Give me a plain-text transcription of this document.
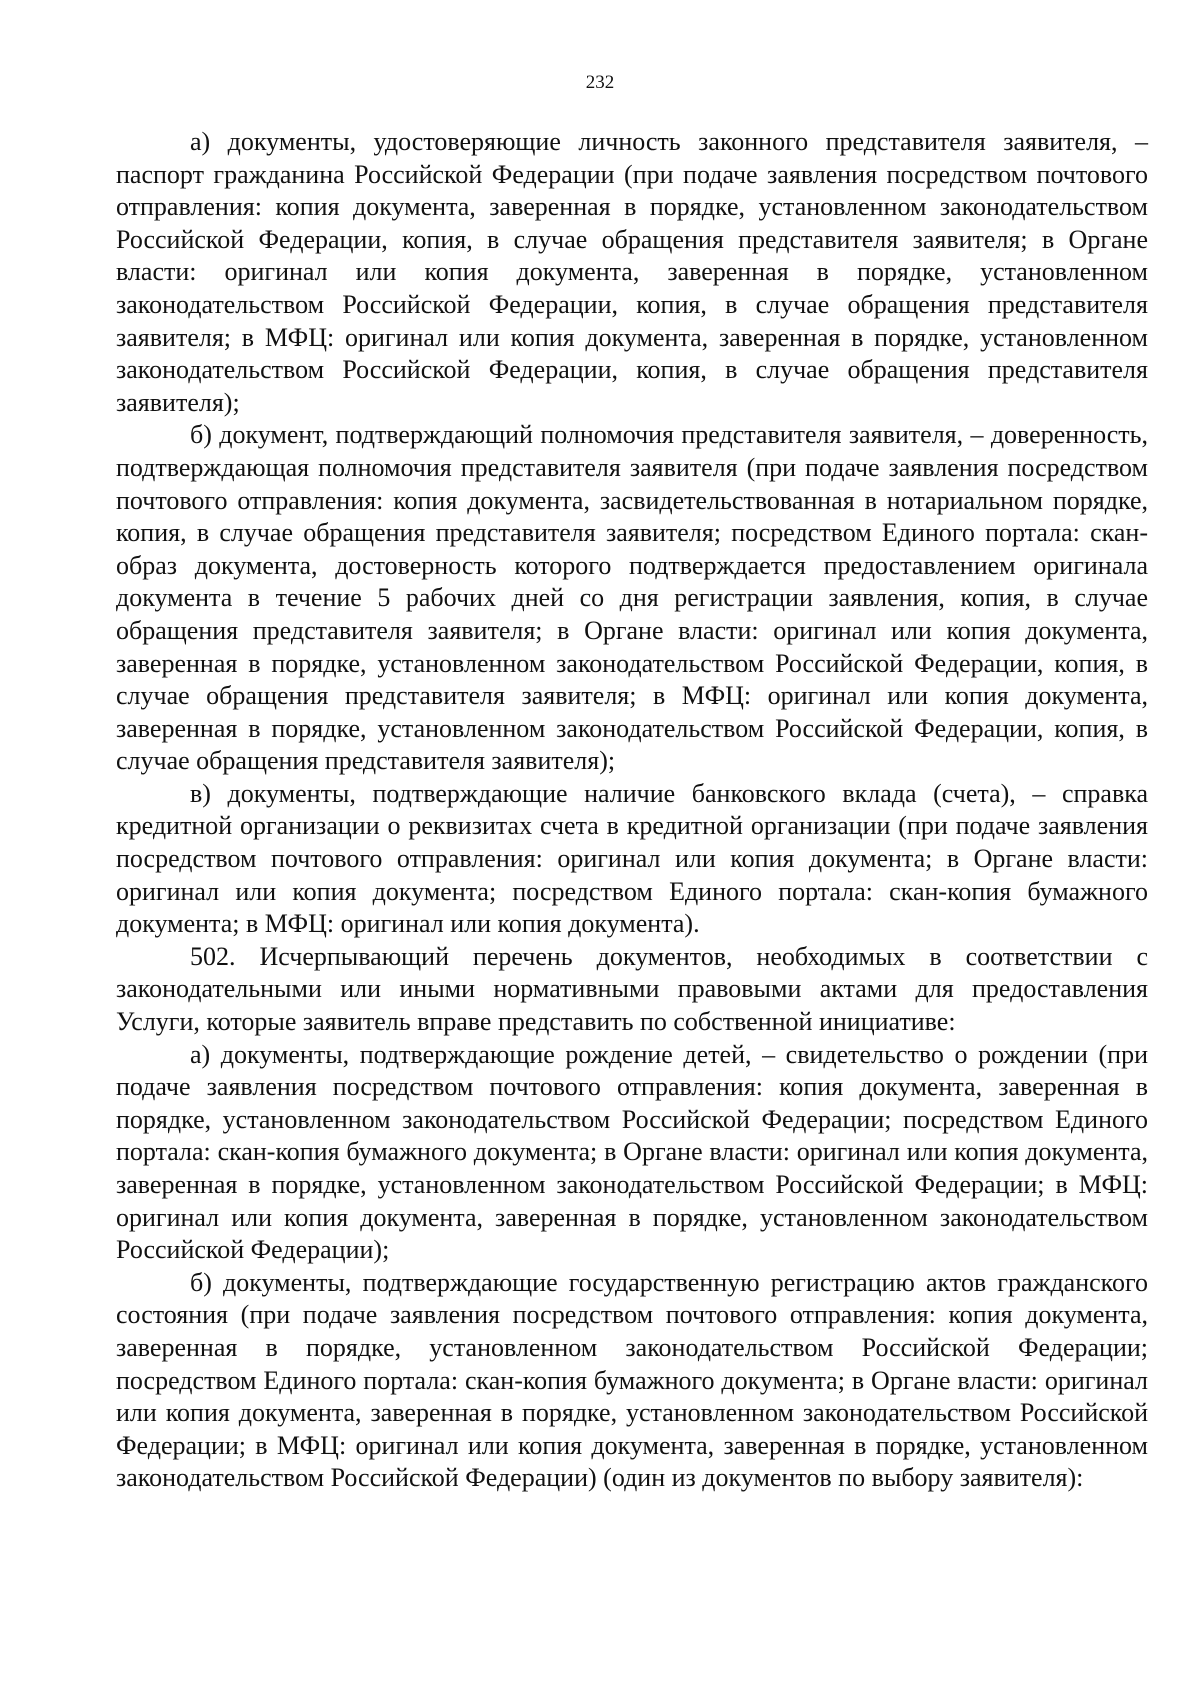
232

а) документы, удостоверяющие личность законного представителя заявителя, – паспорт гражданина Российской Федерации (при подаче заявления посредством почтового отправления: копия документа, заверенная в порядке, установленном законодательством Российской Федерации, копия, в случае обращения представителя заявителя; в Органе власти: оригинал или копия документа, заверенная в порядке, установленном законодательством Российской Федерации, копия, в случае обращения представителя заявителя; в МФЦ: оригинал или копия документа, заверенная в порядке, установленном законодательством Российской Федерации, копия, в случае обращения представителя заявителя);

б) документ, подтверждающий полномочия представителя заявителя, – доверенность, подтверждающая полномочия представителя заявителя (при подаче заявления посредством почтового отправления: копия документа, засвидетельствованная в нотариальном порядке, копия, в случае обращения представителя заявителя; посредством Единого портала: скан-образ документа, достоверность которого подтверждается предоставлением оригинала документа в течение 5 рабочих дней со дня регистрации заявления, копия, в случае обращения представителя заявителя; в Органе власти: оригинал или копия документа, заверенная в порядке, установленном законодательством Российской Федерации, копия, в случае обращения представителя заявителя; в МФЦ: оригинал или копия документа, заверенная в порядке, установленном законодательством Российской Федерации, копия, в случае обращения представителя заявителя);

в) документы, подтверждающие наличие банковского вклада (счета), – справка кредитной организации о реквизитах счета в кредитной организации (при подаче заявления посредством почтового отправления: оригинал или копия документа; в Органе власти: оригинал или копия документа; посредством Единого портала: скан-копия бумажного документа; в МФЦ: оригинал или копия документа).

502. Исчерпывающий перечень документов, необходимых в соответствии с законодательными или иными нормативными правовыми актами для предоставления Услуги, которые заявитель вправе представить по собственной инициативе:

а) документы, подтверждающие рождение детей, – свидетельство о рождении (при подаче заявления посредством почтового отправления: копия документа, заверенная в порядке, установленном законодательством Российской Федерации; посредством Единого портала: скан-копия бумажного документа; в Органе власти: оригинал или копия документа, заверенная в порядке, установленном законодательством Российской Федерации; в МФЦ: оригинал или копия документа, заверенная в порядке, установленном законодательством Российской Федерации);

б) документы, подтверждающие государственную регистрацию актов гражданского состояния (при подаче заявления посредством почтового отправления: копия документа, заверенная в порядке, установленном законодательством Российской Федерации; посредством Единого портала: скан-копия бумажного документа; в Органе власти: оригинал или копия документа, заверенная в порядке, установленном законодательством Российской Федерации; в МФЦ: оригинал или копия документа, заверенная в порядке, установленном законодательством Российской Федерации) (один из документов по выбору заявителя):
